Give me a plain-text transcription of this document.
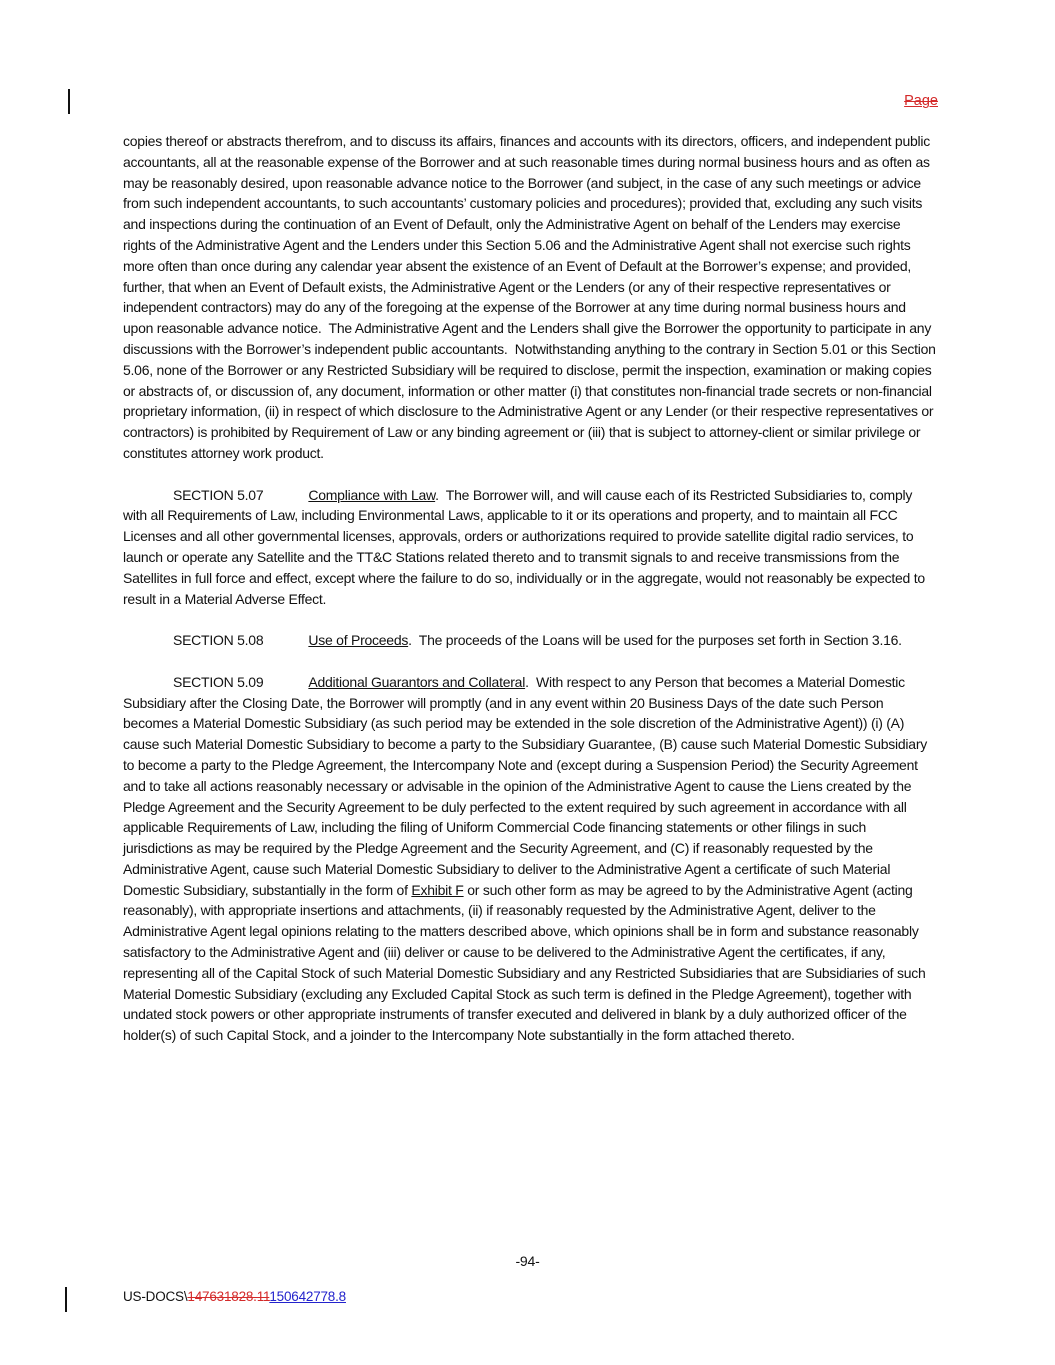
Page

copies thereof or abstracts therefrom, and to discuss its affairs, finances and accounts with its directors, officers, and independent public accountants, all at the reasonable expense of the Borrower and at such reasonable times during normal business hours and as often as may be reasonably desired, upon reasonable advance notice to the Borrower (and subject, in the case of any such meetings or advice from such independent accountants, to such accountants’ customary policies and procedures); provided that, excluding any such visits and inspections during the continuation of an Event of Default, only the Administrative Agent on behalf of the Lenders may exercise rights of the Administrative Agent and the Lenders under this Section 5.06 and the Administrative Agent shall not exercise such rights more often than once during any calendar year absent the existence of an Event of Default at the Borrower’s expense; and provided, further, that when an Event of Default exists, the Administrative Agent or the Lenders (or any of their respective representatives or independent contractors) may do any of the foregoing at the expense of the Borrower at any time during normal business hours and upon reasonable advance notice.  The Administrative Agent and the Lenders shall give the Borrower the opportunity to participate in any discussions with the Borrower’s independent public accountants.  Notwithstanding anything to the contrary in Section 5.01 or this Section 5.06, none of the Borrower or any Restricted Subsidiary will be required to disclose, permit the inspection, examination or making copies or abstracts of, or discussion of, any document, information or other matter (i) that constitutes non-financial trade secrets or non-financial proprietary information, (ii) in respect of which disclosure to the Administrative Agent or any Lender (or their respective representatives or contractors) is prohibited by Requirement of Law or any binding agreement or (iii) that is subject to attorney-client or similar privilege or constitutes attorney work product.

SECTION 5.07	Compliance with Law.  The Borrower will, and will cause each of its Restricted Subsidiaries to, comply with all Requirements of Law, including Environmental Laws, applicable to it or its operations and property, and to maintain all FCC Licenses and all other governmental licenses, approvals, orders or authorizations required to provide satellite digital radio services, to launch or operate any Satellite and the TT&C Stations related thereto and to transmit signals to and receive transmissions from the Satellites in full force and effect, except where the failure to do so, individually or in the aggregate, would not reasonably be expected to result in a Material Adverse Effect.

SECTION 5.08	Use of Proceeds.  The proceeds of the Loans will be used for the purposes set forth in Section 3.16.

SECTION 5.09	Additional Guarantors and Collateral.  With respect to any Person that becomes a Material Domestic Subsidiary after the Closing Date, the Borrower will promptly (and in any event within 20 Business Days of the date such Person becomes a Material Domestic Subsidiary (as such period may be extended in the sole discretion of the Administrative Agent)) (i) (A) cause such Material Domestic Subsidiary to become a party to the Subsidiary Guarantee, (B) cause such Material Domestic Subsidiary to become a party to the Pledge Agreement, the Intercompany Note and (except during a Suspension Period) the Security Agreement and to take all actions reasonably necessary or advisable in the opinion of the Administrative Agent to cause the Liens created by the Pledge Agreement and the Security Agreement to be duly perfected to the extent required by such agreement in accordance with all applicable Requirements of Law, including the filing of Uniform Commercial Code financing statements or other filings in such jurisdictions as may be required by the Pledge Agreement and the Security Agreement, and (C) if reasonably requested by the Administrative Agent, cause such Material Domestic Subsidiary to deliver to the Administrative Agent a certificate of such Material Domestic Subsidiary, substantially in the form of Exhibit F or such other form as may be agreed to by the Administrative Agent (acting reasonably), with appropriate insertions and attachments, (ii) if reasonably requested by the Administrative Agent, deliver to the Administrative Agent legal opinions relating to the matters described above, which opinions shall be in form and substance reasonably satisfactory to the Administrative Agent and (iii) deliver or cause to be delivered to the Administrative Agent the certificates, if any, representing all of the Capital Stock of such Material Domestic Subsidiary and any Restricted Subsidiaries that are Subsidiaries of such Material Domestic Subsidiary (excluding any Excluded Capital Stock as such term is defined in the Pledge Agreement), together with undated stock powers or other appropriate instruments of transfer executed and delivered in blank by a duly authorized officer of the holder(s) of such Capital Stock, and a joinder to the Intercompany Note substantially in the form attached thereto.

-94-
US-DOCS\147631828.11150642778.8
